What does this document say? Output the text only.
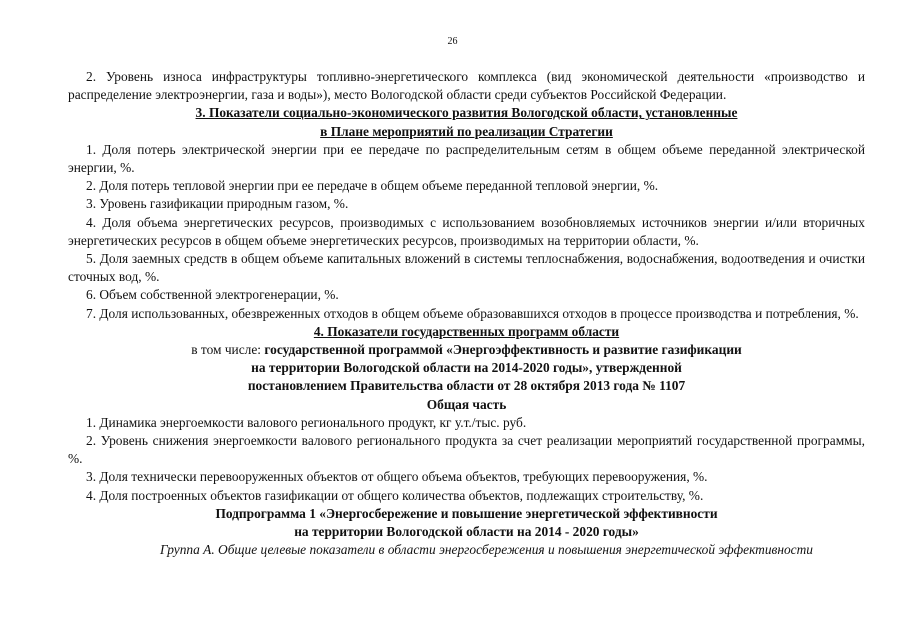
26

2. Уровень износа инфраструктуры топливно-энергетического комплекса (вид экономической деятельности «производство и распределение электроэнергии, газа и воды»), место Вологодской области среди субъектов Российской Федерации.

3. Показатели социально-экономического развития Вологодской области, установленные
в Плане мероприятий по реализации Стратегии

1. Доля потерь электрической энергии при ее передаче по распределительным сетям в общем объеме переданной электрической энергии, %.

2. Доля потерь тепловой энергии при ее передаче в общем объеме переданной тепловой энергии, %.

3. Уровень газификации природным газом, %.

4. Доля объема энергетических ресурсов, производимых с использованием возобновляемых источников энергии и/или вторичных энергетических ресурсов в общем объеме энергетических ресурсов, производимых на территории области, %.

5. Доля заемных средств в общем объеме капитальных вложений в системы теплоснабжения, водоснабжения, водоотведения и очистки сточных вод, %.

6. Объем собственной электрогенерации, %.

7. Доля использованных, обезвреженных отходов в общем объеме образовавшихся отходов в процессе производства и потребления, %.

4. Показатели государственных программ области
в том числе: государственной программой «Энергоэффективность и развитие газификации
на территории Вологодской области на 2014-2020 годы», утвержденной
постановлением Правительства области от 28 октября 2013 года № 1107
Общая часть

1. Динамика энергоемкости валового регионального продукт, кг у.т./тыс. руб.

2. Уровень снижения энергоемкости валового регионального продукта за счет реализации мероприятий государственной программы, %.

3. Доля технически перевооруженных объектов от общего объема объектов, требующих перевооружения, %.

4. Доля построенных объектов газификации от общего количества объектов, подлежащих строительству, %.

Подпрограмма 1 «Энергосбережение и повышение энергетической эффективности
на территории Вологодской области на 2014 - 2020 годы»
Группа А. Общие целевые показатели в области энергосбережения и повышения энергетической эффективности
